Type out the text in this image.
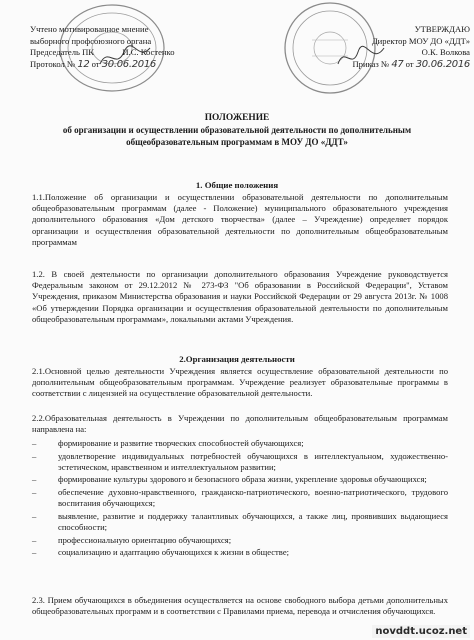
Учтено мотивированное мнение
выборного профсоюзного органа
Председатель ПК	И.С. Костенко
Протокол № 12 от 30.06.2016
УТВЕРЖДАЮ
Директор МОУ ДО «ДДТ»
О.К. Волкова
Приказ № 47 от 30.06.2016
ПОЛОЖЕНИЕ
об организации и осуществлении образовательной деятельности по дополнительным
общеобразовательным программам в МОУ ДО «ДДТ»
1. Общие положения
1.1.Положение об организации и осуществлении образовательной деятельности по дополнительным общеобразовательным программам (далее - Положение) муниципального образовательного учреждения дополнительного образования «Дом детского творчества» (далее – Учреждение) определяет порядок организации и осуществления образовательной деятельности по дополнительным общеобразовательным программам
1.2. В своей деятельности по организации дополнительного образования Учреждение руководствуется Федеральным законом от 29.12.2012 № 273-ФЗ "Об образовании в Российской Федерации", Уставом Учреждения, приказом Министерства образования и науки Российской Федерации от 29 августа 2013г. № 1008 «Об утверждении Порядка организации и осуществления образовательной деятельности по дополнительным общеобразовательным программам», локальными актами Учреждения.
2.Организация деятельности
2.1.Основной целью деятельности Учреждения является осуществление образовательной деятельности по дополнительным общеобразовательным программам. Учреждение реализует образовательные программы в соответствии с лицензией на осуществление образовательной деятельности.
2.2.Образовательная деятельность в Учреждении по дополнительным общеобразовательным программам направлена на:
–	формирование и развитие творческих способностей обучающихся;
–	удовлетворение индивидуальных потребностей обучающихся в интеллектуальном, художественно-эстетическом, нравственном и интеллектуальном развитии;
–	формирование культуры здорового и безопасного образа жизни, укрепление здоровья обучающихся;
–	обеспечение духовно-нравственного, гражданско-патриотического, военно-патриотического, трудового воспитания обучающихся;
–	выявление, развитие и поддержку талантливых обучающихся, а также лиц, проявивших выдающиеся способности;
–	профессиональную ориентацию обучающихся;
–	социализацию и адаптацию обучающихся к жизни в обществе;
2.3. Прием обучающихся в объединения осуществляется на основе свободного выбора детьми дополнительных общеобразовательных программ и в соответствии с Правилами приема, перевода и отчисления обучающихся.
novddt.ucoz.net
